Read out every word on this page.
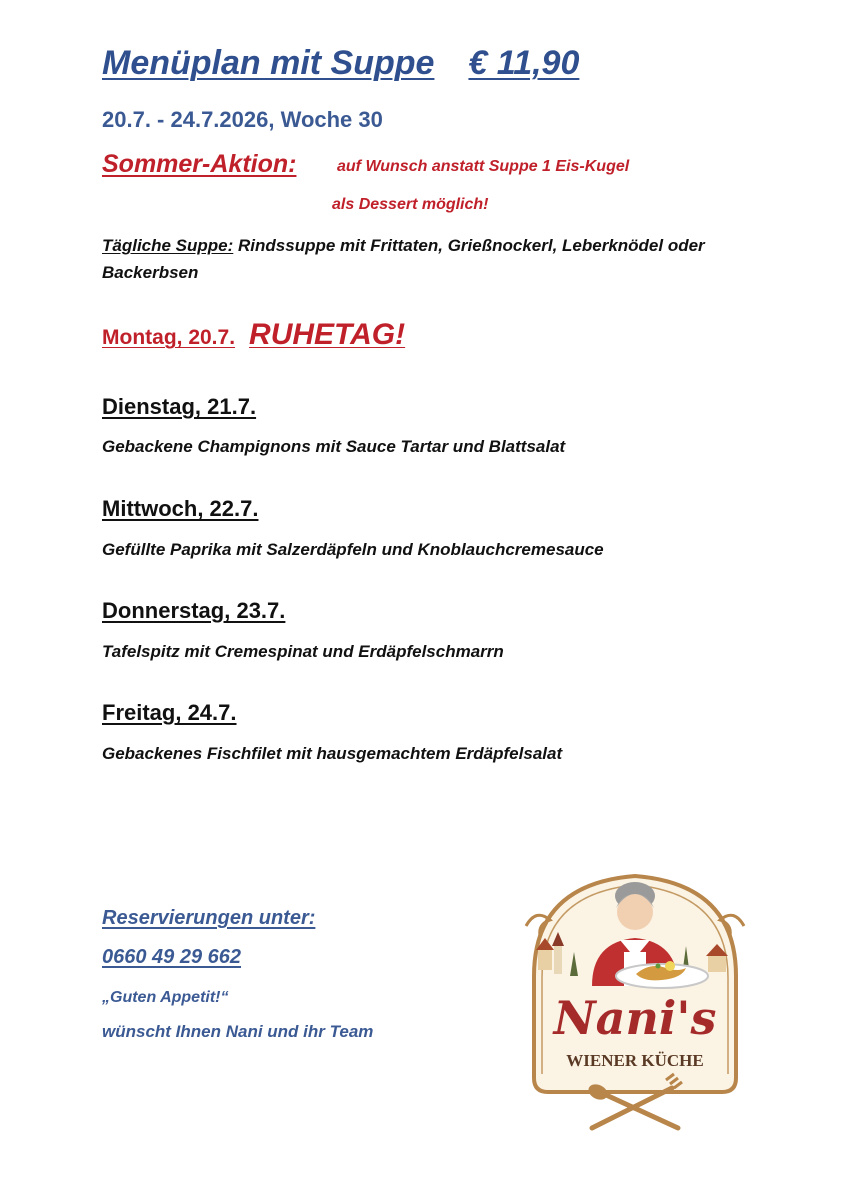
Menüplan mit Suppe € 11,90
20.7. - 24.7.2026, Woche 30
Sommer-Aktion:	auf Wunsch anstatt Suppe 1 Eis-Kugel
als Dessert möglich!
Tägliche Suppe: Rindssuppe mit Frittaten, Grießnockerl, Leberknödel oder Backerbsen
Montag, 20.7. RUHETAG!
Dienstag, 21.7.
Gebackene Champignons mit Sauce Tartar und Blattsalat
Mittwoch, 22.7.
Gefüllte Paprika mit Salzerdäpfeln und Knoblauchcremesauce
Donnerstag, 23.7.
Tafelspitz mit Cremespinat und Erdäpfelschmarrn
Freitag, 24.7.
Gebackenes Fischfilet mit hausgemachtem Erdäpfelsalat
Reservierungen unter:
0660 49 29 662
„Guten Appetit!“
wünscht Ihnen Nani und ihr Team	Nani's
WIENER KÜCHE
